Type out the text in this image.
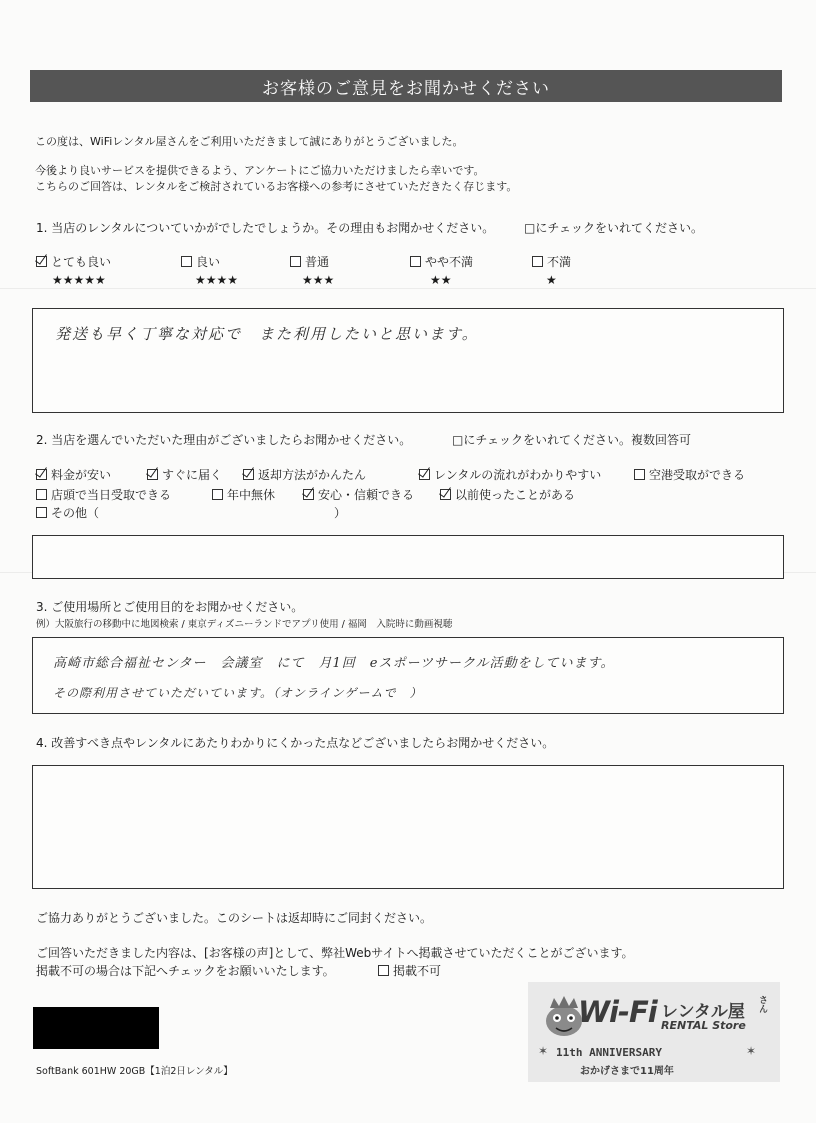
お客様のご意見をお聞かせください
この度は、WiFiレンタル屋さんをご利用いただきまして誠にありがとうございました。
今後より良いサービスを提供できるよう、アンケートにご協力いただけましたら幸いです。
こちらのご回答は、レンタルをご検討されているお客様への参考にさせていただきたく存じます。
1. 当店のレンタルについていかがでしたでしょうか。その理由もお聞かせください。 □にチェックをいれてください。
とても良い
★★★★★
良い
★★★★
普通
★★★
やや不満
★★
不満
★
発送も早く丁寧な対応で　また利用したいと思います。
2. 当店を選んでいただいた理由がございましたらお聞かせください。	□にチェックをいれてください。複数回答可
料金が安い	すぐに届く	返却方法がかんたん	レンタルの流れがわかりやすい	空港受取ができる
店頭で当日受取できる	年中無休	安心・信頼できる	以前使ったことがある
その他（	）
3. ご使用場所とご使用目的をお聞かせください。
例）大阪旅行の移動中に地図検索 / 東京ディズニーランドでアプリ使用 / 福岡　入院時に動画視聴
高崎市総合福祉センター　会議室　にて　月1回　eスポーツサークル活動をしています。
その際利用させていただいています。（オンラインゲームで　）
4. 改善すべき点やレンタルにあたりわかりにくかった点などございましたらお聞かせください。
ご協力ありがとうございました。このシートは返却時にご同封ください。
ご回答いただきました内容は、[お客様の声]として、弊社Webサイトへ掲載させていただくことがございます。
掲載不可の場合は下記へチェックをお願いいたします。	掲載不可
SoftBank 601HW 20GB【1泊2日レンタル】
Wi-Fi レンタル屋 さん
RENTAL Store
11th ANNIVERSARY
おかげさまで11周年
✶	✶
